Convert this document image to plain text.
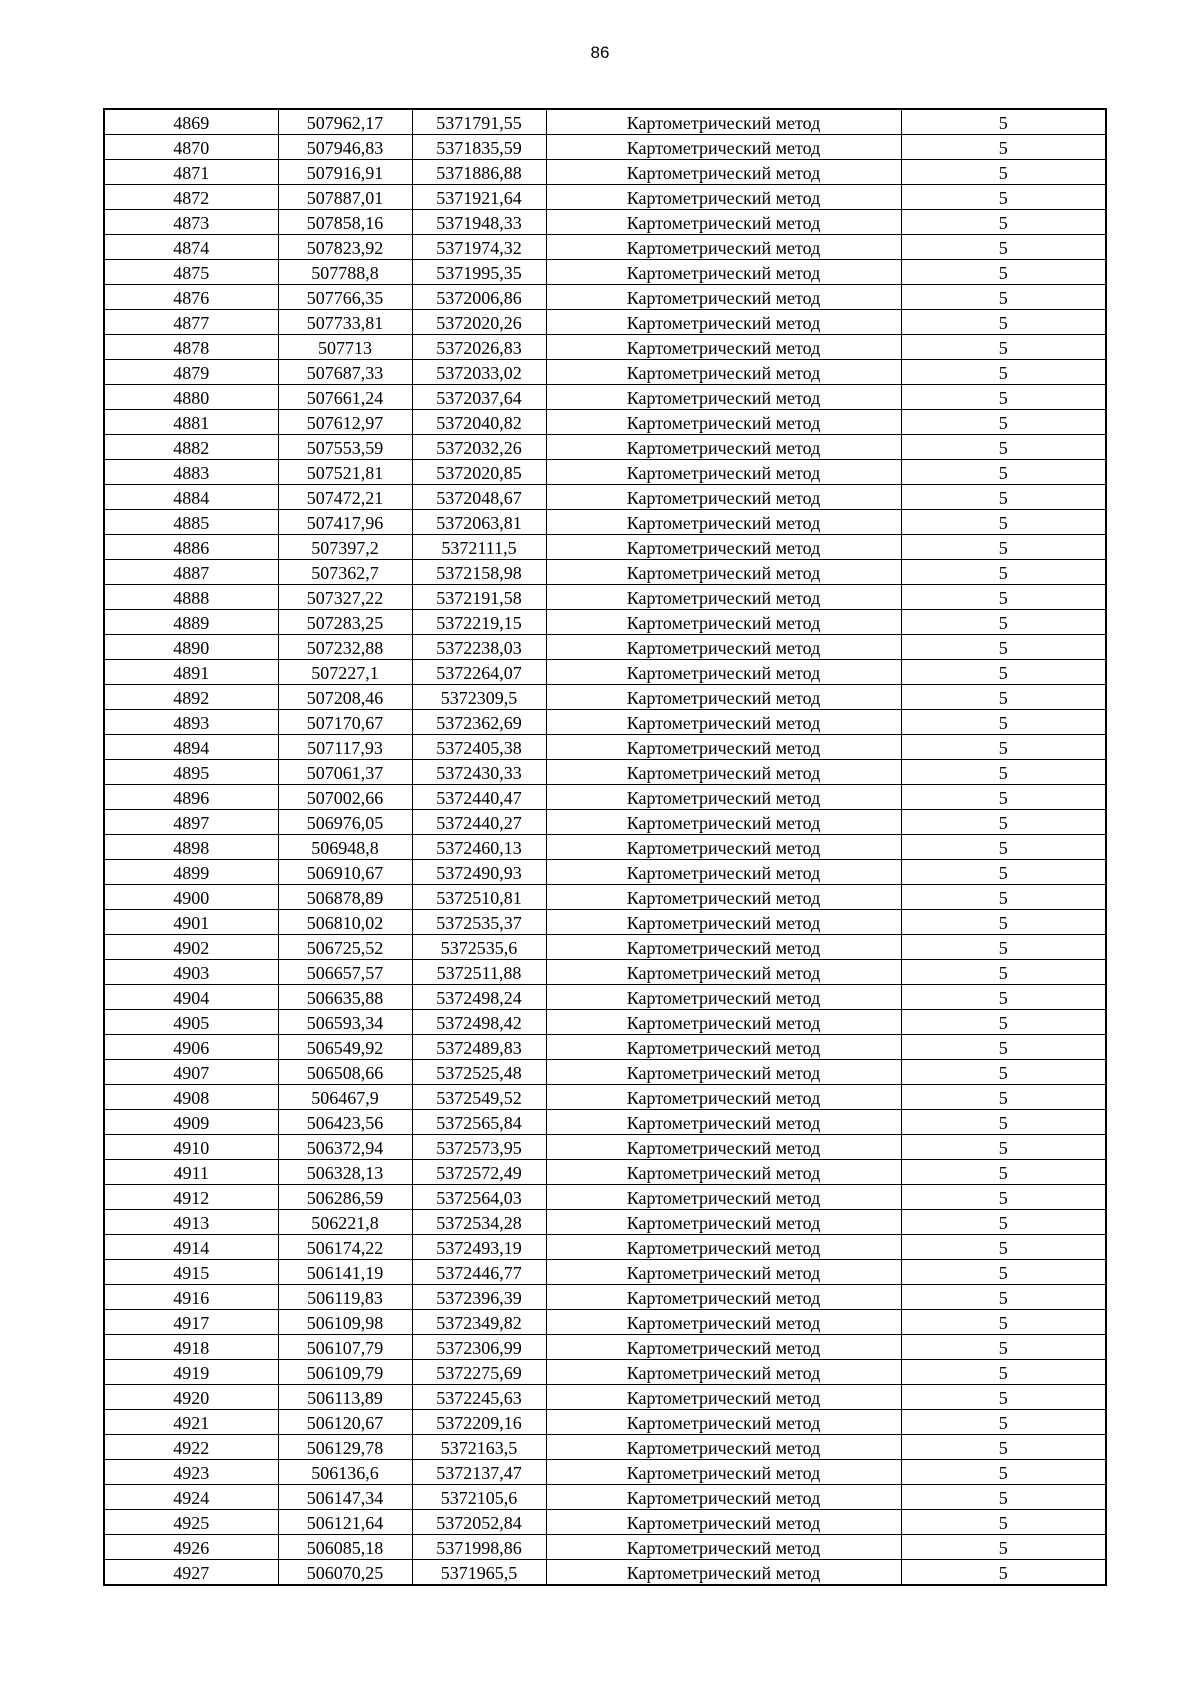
86
4869	507962,17	5371791,55	Картометрический метод	5
4870	507946,83	5371835,59	Картометрический метод	5
4871	507916,91	5371886,88	Картометрический метод	5
4872	507887,01	5371921,64	Картометрический метод	5
4873	507858,16	5371948,33	Картометрический метод	5
4874	507823,92	5371974,32	Картометрический метод	5
4875	507788,8	5371995,35	Картометрический метод	5
4876	507766,35	5372006,86	Картометрический метод	5
4877	507733,81	5372020,26	Картометрический метод	5
4878	507713	5372026,83	Картометрический метод	5
4879	507687,33	5372033,02	Картометрический метод	5
4880	507661,24	5372037,64	Картометрический метод	5
4881	507612,97	5372040,82	Картометрический метод	5
4882	507553,59	5372032,26	Картометрический метод	5
4883	507521,81	5372020,85	Картометрический метод	5
4884	507472,21	5372048,67	Картометрический метод	5
4885	507417,96	5372063,81	Картометрический метод	5
4886	507397,2	5372111,5	Картометрический метод	5
4887	507362,7	5372158,98	Картометрический метод	5
4888	507327,22	5372191,58	Картометрический метод	5
4889	507283,25	5372219,15	Картометрический метод	5
4890	507232,88	5372238,03	Картометрический метод	5
4891	507227,1	5372264,07	Картометрический метод	5
4892	507208,46	5372309,5	Картометрический метод	5
4893	507170,67	5372362,69	Картометрический метод	5
4894	507117,93	5372405,38	Картометрический метод	5
4895	507061,37	5372430,33	Картометрический метод	5
4896	507002,66	5372440,47	Картометрический метод	5
4897	506976,05	5372440,27	Картометрический метод	5
4898	506948,8	5372460,13	Картометрический метод	5
4899	506910,67	5372490,93	Картометрический метод	5
4900	506878,89	5372510,81	Картометрический метод	5
4901	506810,02	5372535,37	Картометрический метод	5
4902	506725,52	5372535,6	Картометрический метод	5
4903	506657,57	5372511,88	Картометрический метод	5
4904	506635,88	5372498,24	Картометрический метод	5
4905	506593,34	5372498,42	Картометрический метод	5
4906	506549,92	5372489,83	Картометрический метод	5
4907	506508,66	5372525,48	Картометрический метод	5
4908	506467,9	5372549,52	Картометрический метод	5
4909	506423,56	5372565,84	Картометрический метод	5
4910	506372,94	5372573,95	Картометрический метод	5
4911	506328,13	5372572,49	Картометрический метод	5
4912	506286,59	5372564,03	Картометрический метод	5
4913	506221,8	5372534,28	Картометрический метод	5
4914	506174,22	5372493,19	Картометрический метод	5
4915	506141,19	5372446,77	Картометрический метод	5
4916	506119,83	5372396,39	Картометрический метод	5
4917	506109,98	5372349,82	Картометрический метод	5
4918	506107,79	5372306,99	Картометрический метод	5
4919	506109,79	5372275,69	Картометрический метод	5
4920	506113,89	5372245,63	Картометрический метод	5
4921	506120,67	5372209,16	Картометрический метод	5
4922	506129,78	5372163,5	Картометрический метод	5
4923	506136,6	5372137,47	Картометрический метод	5
4924	506147,34	5372105,6	Картометрический метод	5
4925	506121,64	5372052,84	Картометрический метод	5
4926	506085,18	5371998,86	Картометрический метод	5
4927	506070,25	5371965,5	Картометрический метод	5
